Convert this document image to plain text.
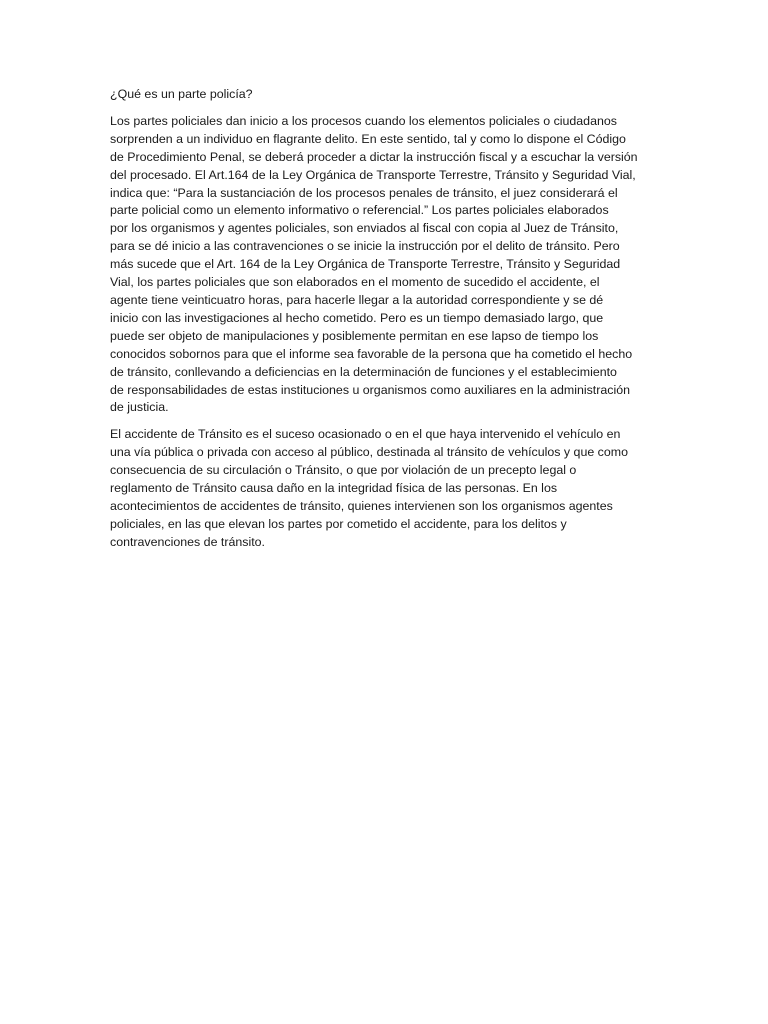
¿Qué es un parte policía?
Los partes policiales dan inicio a los procesos cuando los elementos policiales o ciudadanos
sorprenden a un individuo en flagrante delito. En este sentido, tal y como lo dispone el Código
de Procedimiento Penal, se deberá proceder a dictar la instrucción fiscal y a escuchar la versión
del procesado. El Art.164 de la Ley Orgánica de Transporte Terrestre, Tránsito y Seguridad Vial,
indica que: “Para la sustanciación de los procesos penales de tránsito, el juez considerará el
parte policial como un elemento informativo o referencial.” Los partes policiales elaborados
por los organismos y agentes policiales, son enviados al fiscal con copia al Juez de Tránsito,
para se dé inicio a las contravenciones o se inicie la instrucción por el delito de tránsito. Pero
más sucede que el Art. 164 de la Ley Orgánica de Transporte Terrestre, Tránsito y Seguridad
Vial, los partes policiales que son elaborados en el momento de sucedido el accidente, el
agente tiene veinticuatro horas, para hacerle llegar a la autoridad correspondiente y se dé
inicio con las investigaciones al hecho cometido. Pero es un tiempo demasiado largo, que
puede ser objeto de manipulaciones y posiblemente permitan en ese lapso de tiempo los
conocidos sobornos para que el informe sea favorable de la persona que ha cometido el hecho
de tránsito, conllevando a deficiencias en la determinación de funciones y el establecimiento
de responsabilidades de estas instituciones u organismos como auxiliares en la administración
de justicia.
El accidente de Tránsito es el suceso ocasionado o en el que haya intervenido el vehículo en
una vía pública o privada con acceso al público, destinada al tránsito de vehículos y que como
consecuencia de su circulación o Tránsito, o que por violación de un precepto legal o
reglamento de Tránsito causa daño en la integridad física de las personas. En los
acontecimientos de accidentes de tránsito, quienes intervienen son los organismos agentes
policiales, en las que elevan los partes por cometido el accidente, para los delitos y
contravenciones de tránsito.
